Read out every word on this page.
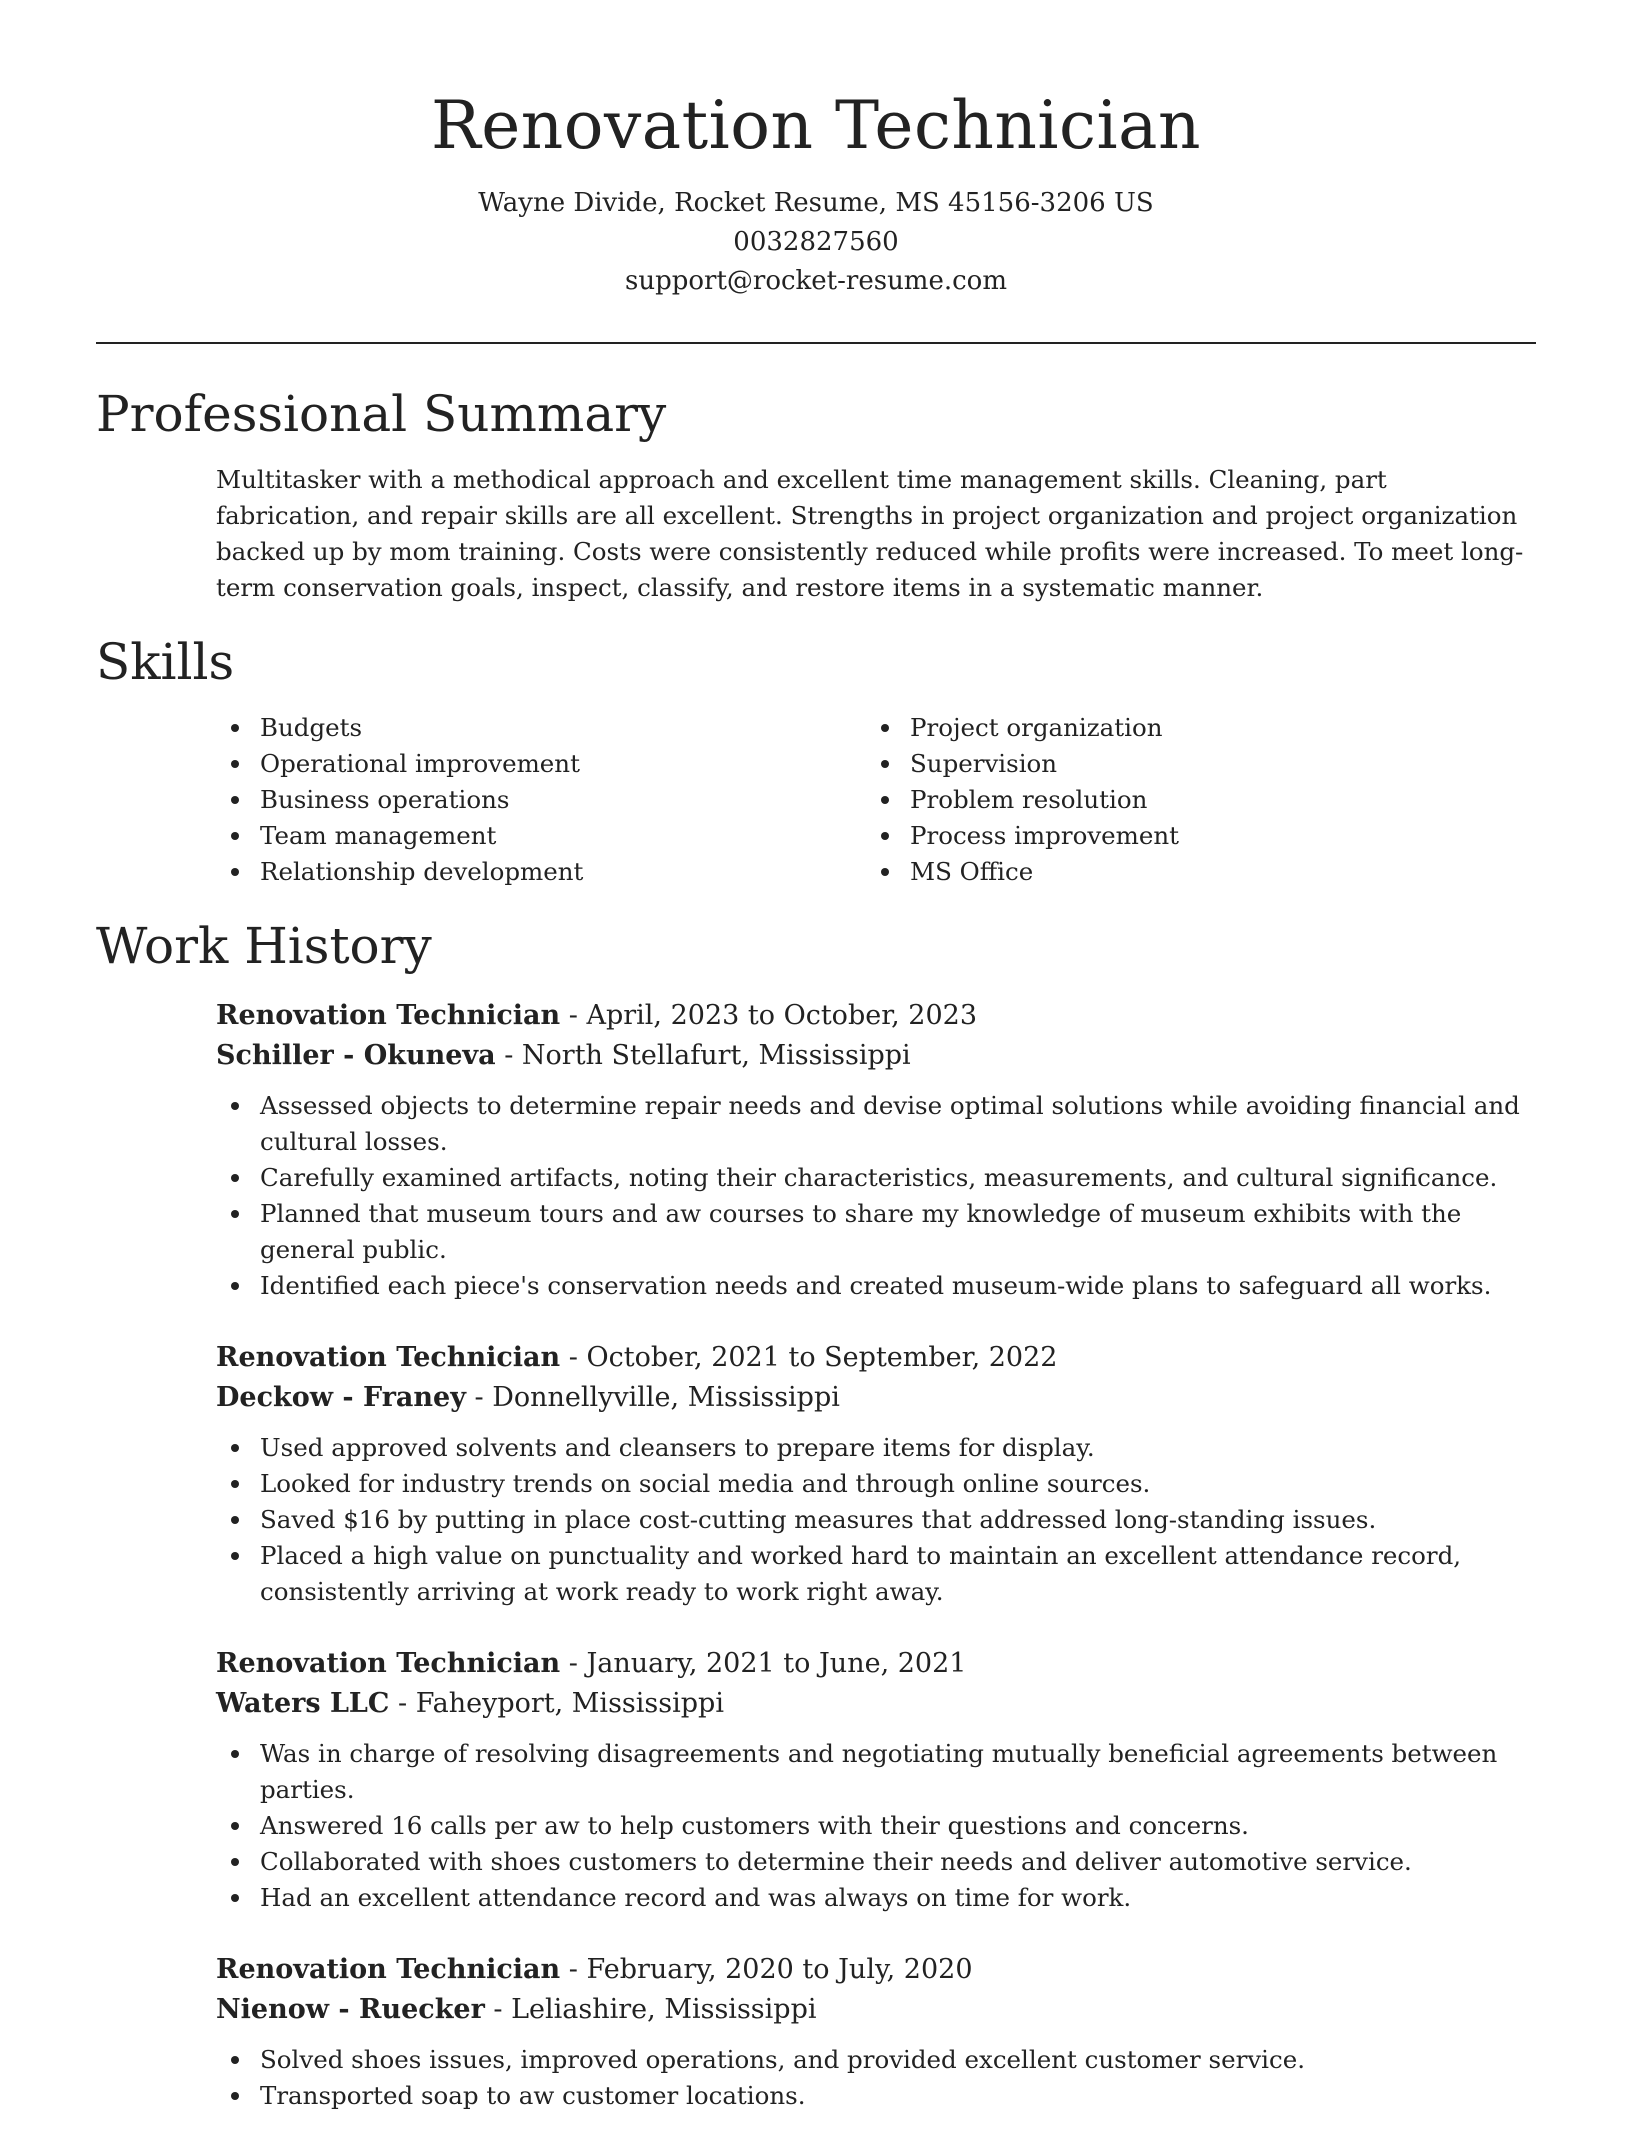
Renovation Technician
Wayne Divide, Rocket Resume, MS 45156-3206 US
0032827560
support@rocket-resume.com
Professional Summary
Multitasker with a methodical approach and excellent time management skills. Cleaning, part fabrication, and repair skills are all excellent. Strengths in project organization and project organization backed up by mom training. Costs were consistently reduced while profits were increased. To meet long-term conservation goals, inspect, classify, and restore items in a systematic manner.
Skills
Budgets
Operational improvement
Business operations
Team management
Relationship development
Project organization
Supervision
Problem resolution
Process improvement
MS Office
Work History
Renovation Technician - April, 2023 to October, 2023
Schiller - Okuneva - North Stellafurt, Mississippi
Assessed objects to determine repair needs and devise optimal solutions while avoiding financial and cultural losses.
Carefully examined artifacts, noting their characteristics, measurements, and cultural significance.
Planned that museum tours and aw courses to share my knowledge of museum exhibits with the general public.
Identified each piece's conservation needs and created museum-wide plans to safeguard all works.
Renovation Technician - October, 2021 to September, 2022
Deckow - Franey - Donnellyville, Mississippi
Used approved solvents and cleansers to prepare items for display.
Looked for industry trends on social media and through online sources.
Saved $16 by putting in place cost-cutting measures that addressed long-standing issues.
Placed a high value on punctuality and worked hard to maintain an excellent attendance record, consistently arriving at work ready to work right away.
Renovation Technician - January, 2021 to June, 2021
Waters LLC - Faheyport, Mississippi
Was in charge of resolving disagreements and negotiating mutually beneficial agreements between parties.
Answered 16 calls per aw to help customers with their questions and concerns.
Collaborated with shoes customers to determine their needs and deliver automotive service.
Had an excellent attendance record and was always on time for work.
Renovation Technician - February, 2020 to July, 2020
Nienow - Ruecker - Leliashire, Mississippi
Solved shoes issues, improved operations, and provided excellent customer service.
Transported soap to aw customer locations.
